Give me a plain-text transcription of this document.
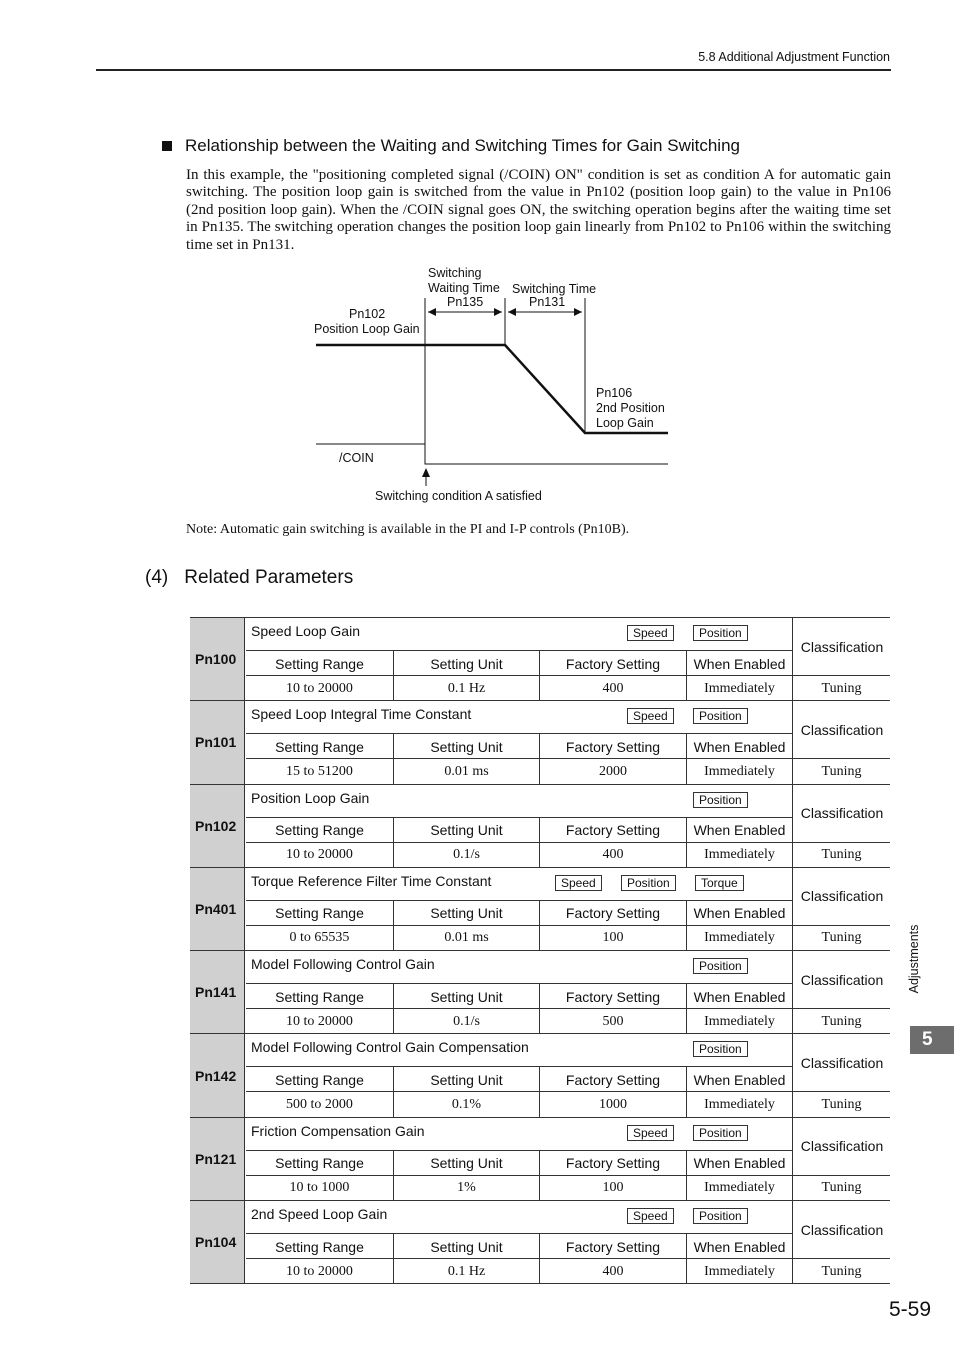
5.8 Additional Adjustment Function
Relationship between the Waiting and Switching Times for Gain Switching
In this example, the "positioning completed signal (/COIN) ON" condition is set as condition A for automatic gain switching. The position loop gain is switched from the value in Pn102 (position loop gain) to the value in Pn106 (2nd position loop gain). When the /COIN signal goes ON, the switching operation begins after the waiting time set in Pn135. The switching operation changes the position loop gain linearly from Pn102 to Pn106 within the switching time set in Pn131.
Switching
Waiting Time
Pn135
Switching Time
Pn131
Pn102
Position Loop Gain
Pn106
2nd Position
Loop Gain
/COIN
Switching condition A satisfied
Note: Automatic gain switching is available in the PI and I-P controls (Pn10B).
(4) Related Parameters
Pn100
Speed Loop Gain	Speed	Position
Classification
Setting Range	Setting Unit	Factory Setting	When Enabled
10 to 20000	0.1 Hz	400	Immediately	Tuning
Pn101
Speed Loop Integral Time Constant	Speed	Position
Classification
Setting Range	Setting Unit	Factory Setting	When Enabled
15 to 51200	0.01 ms	2000	Immediately	Tuning
Pn102
Position Loop Gain	Position
Classification
Setting Range	Setting Unit	Factory Setting	When Enabled
10 to 20000	0.1/s	400	Immediately	Tuning
Pn401
Torque Reference Filter Time Constant	Speed	Position	Torque
Classification
Setting Range	Setting Unit	Factory Setting	When Enabled
0 to 65535	0.01 ms	100	Immediately	Tuning
Pn141
Model Following Control Gain	Position
Classification
Setting Range	Setting Unit	Factory Setting	When Enabled
10 to 20000	0.1/s	500	Immediately	Tuning
Pn142
Model Following Control Gain Compensation	Position
Classification
Setting Range	Setting Unit	Factory Setting	When Enabled
500 to 2000	0.1%	1000	Immediately	Tuning
Pn121
Friction Compensation Gain	Speed	Position
Classification
Setting Range	Setting Unit	Factory Setting	When Enabled
10 to 1000	1%	100	Immediately	Tuning
Pn104
2nd Speed Loop Gain	Speed	Position
Classification
Setting Range	Setting Unit	Factory Setting	When Enabled
10 to 20000	0.1 Hz	400	Immediately	Tuning
Adjustments
5
5-59
